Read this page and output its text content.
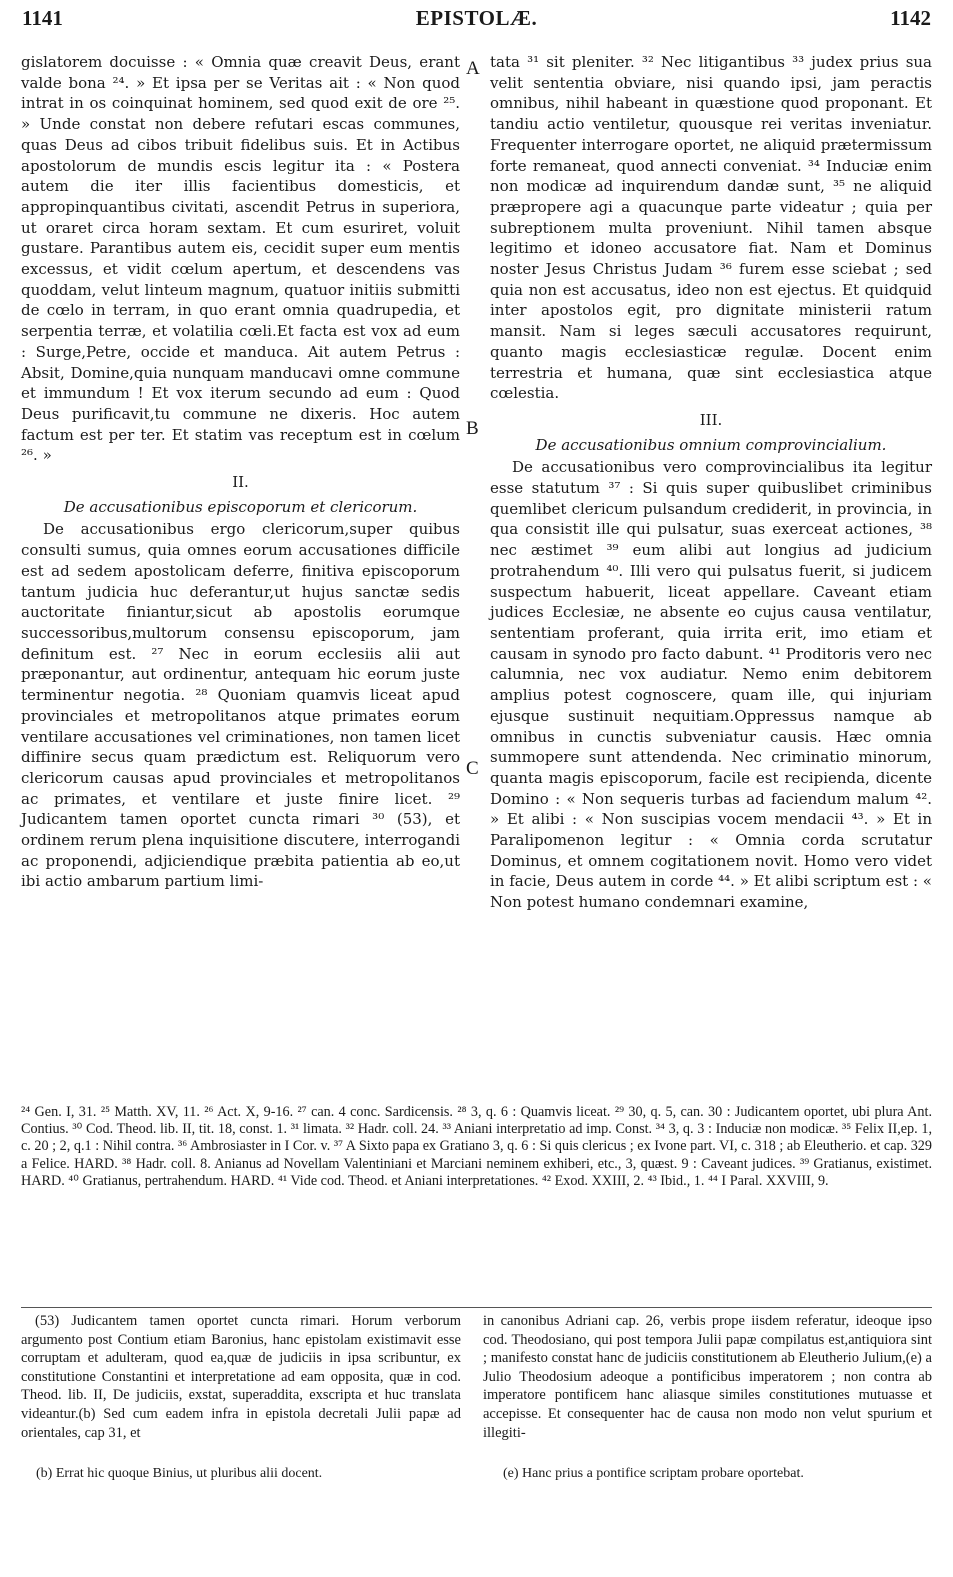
1141	EPISTOLÆ.	1142
A
B
C

gislatorem docuisse : « Omnia quæ creavit Deus, erant valde bona ²⁴. » Et ipsa per se Veritas ait : « Non quod intrat in os coinquinat hominem, sed quod exit de ore ²⁵. » Unde constat non debere refutari escas communes, quas Deus ad cibos tribuit fidelibus suis. Et in Actibus apostolorum de mundis escis legitur ita : « Postera autem die iter illis facientibus domesticis, et appropinquantibus civitati, ascendit Petrus in superiora, ut oraret circa horam sextam. Et cum esuriret, voluit gustare. Parantibus autem eis, cecidit super eum mentis excessus, et vidit cœlum apertum, et descendens vas quoddam, velut linteum magnum, quatuor initiis submitti de cœlo in terram, in quo erant omnia quadrupedia, et serpentia terræ, et volatilia cœli.Et facta est vox ad eum : Surge,Petre, occide et manduca. Ait autem Petrus : Absit, Domine,quia nunquam manducavi omne commune et immundum ! Et vox iterum secundo ad eum : Quod Deus purificavit,tu commune ne dixeris. Hoc autem factum est per ter. Et statim vas receptum est in cœlum ²⁶. »

II.
De accusationibus episcoporum et clericorum.

De accusationibus ergo clericorum,super quibus consulti sumus, quia omnes eorum accusationes difficile est ad sedem apostolicam deferre, finitiva episcoporum tantum judicia huc deferantur,ut hujus sanctæ sedis auctoritate finiantur,sicut ab apostolis eorumque successoribus,multorum consensu episcoporum, jam definitum est. ²⁷ Nec in eorum ecclesiis alii aut præponantur, aut ordinentur, antequam hic eorum juste terminentur negotia. ²⁸ Quoniam quamvis liceat apud provinciales et metropolitanos atque primates eorum ventilare accusationes vel criminationes, non tamen licet diffinire secus quam prædictum est. Reliquorum vero clericorum causas apud provinciales et metropolitanos ac primates, et ventilare et juste finire licet. ²⁹ Judicantem tamen oportet cuncta rimari ³⁰ (53), et ordinem rerum plena inquisitione discutere, interrogandi ac proponendi, adjiciendique præbita patientia ab eo,ut ibi actio ambarum partium limi-

tata ³¹ sit pleniter. ³² Nec litigantibus ³³ judex prius sua velit sententia obviare, nisi quando ipsi, jam peractis omnibus, nihil habeant in quæstione quod proponant. Et tandiu actio ventiletur, quousque rei veritas inveniatur. Frequenter interrogare oportet, ne aliquid prætermissum forte remaneat, quod annecti conveniat. ³⁴ Induciæ enim non modicæ ad inquirendum dandæ sunt, ³⁵ ne aliquid præpropere agi a quacunque parte videatur ; quia per subreptionem multa proveniunt. Nihil tamen absque legitimo et idoneo accusatore fiat. Nam et Dominus noster Jesus Christus Judam ³⁶ furem esse sciebat ; sed quia non est accusatus, ideo non est ejectus. Et quidquid inter apostolos egit, pro dignitate ministerii ratum mansit. Nam si leges sæculi accusatores requirunt, quanto magis ecclesiasticæ regulæ. Docent enim terrestria et humana, quæ sint ecclesiastica atque cœlestia.

III.
De accusationibus omnium comprovincialium.

De accusationibus vero comprovincialibus ita legitur esse statutum ³⁷ : Si quis super quibuslibet criminibus quemlibet clericum pulsandum crediderit, in provincia, in qua consistit ille qui pulsatur, suas exerceat actiones, ³⁸ nec æstimet ³⁹ eum alibi aut longius ad judicium protrahendum ⁴⁰. Illi vero qui pulsatus fuerit, si judicem suspectum habuerit, liceat appellare. Caveant etiam judices Ecclesiæ, ne absente eo cujus causa ventilatur, sententiam proferant, quia irrita erit, imo etiam et causam in synodo pro facto dabunt. ⁴¹ Proditoris vero nec calumnia, nec vox audiatur. Nemo enim debitorem amplius potest cognoscere, quam ille, qui injuriam ejusque sustinuit nequitiam.Oppressus namque ab omnibus in cunctis subveniatur causis. Hæc omnia summopere sunt attendenda. Nec criminatio minorum, quanta magis episcoporum, facile est recipienda, dicente Domino : « Non sequeris turbas ad faciendum malum ⁴². » Et alibi : « Non suscipias vocem mendacii ⁴³. » Et in Paralipomenon legitur : « Omnia corda scrutatur Dominus, et omnem cogitationem novit. Homo vero videt in facie, Deus autem in corde ⁴⁴. » Et alibi scriptum est : « Non potest humano condemnari examine,

²⁴ Gen. I, 31. ²⁵ Matth. XV, 11. ²⁶ Act. X, 9-16. ²⁷ can. 4 conc. Sardicensis. ²⁸ 3, q. 6 : Quamvis liceat. ²⁹ 30, q. 5, can. 30 : Judicantem oportet, ubi plura Ant. Contius. ³⁰ Cod. Theod. lib. II, tit. 18, const. 1. ³¹ limata. ³² Hadr. coll. 24. ³³ Aniani interpretatio ad imp. Const. ³⁴ 3, q. 3 : Induciæ non modicæ. ³⁵ Felix II,ep. 1, c. 20 ; 2, q.1 : Nihil contra. ³⁶ Ambrosiaster in I Cor. v. ³⁷ A Sixto papa ex Gratiano 3, q. 6 : Si quis clericus ; ex Ivone part. VI, c. 318 ; ab Eleutherio. et cap. 329 a Felice. HARD. ³⁸ Hadr. coll. 8. Anianus ad Novellam Valentiniani et Marciani neminem exhiberi, etc., 3, quæst. 9 : Caveant judices. ³⁹ Gratianus, existimet. HARD. ⁴⁰ Gratianus, pertrahendum. HARD. ⁴¹ Vide cod. Theod. et Aniani interpretationes. ⁴² Exod. XXIII, 2. ⁴³ Ibid., 1. ⁴⁴ I Paral. XXVIII, 9.

(53) Judicantem tamen oportet cuncta rimari. Horum verborum argumento post Contium etiam Baronius, hanc epistolam existimavit esse corruptam et adulteram, quod ea,quæ de judiciis in ipsa scribuntur, ex constitutione Constantini et interpretatione ad eam opposita, quæ in cod. Theod. lib. II, De judiciis, exstat, superaddita, exscripta et huc translata videantur.(b) Sed cum eadem infra in epistola decretali Julii papæ ad orientales, cap 31, et

in canonibus Adriani cap. 26, verbis prope iisdem referatur, ideoque ipso cod. Theodosiano, qui post tempora Julii papæ compilatus est,antiquiora sint ; manifesto constat hanc de judiciis constitutionem ab Eleutherio Julium,(e) a Julio Theodosium adeoque a pontificibus imperatorem ; non contra ab imperatore pontificem hanc aliasque similes constitutiones mutuasse et accepisse. Et consequenter hac de causa non modo non velut spurium et illegiti-

(b) Errat hic quoque Binius, ut pluribus alii docent.	(e) Hanc prius a pontifice scriptam probare oportebat.
